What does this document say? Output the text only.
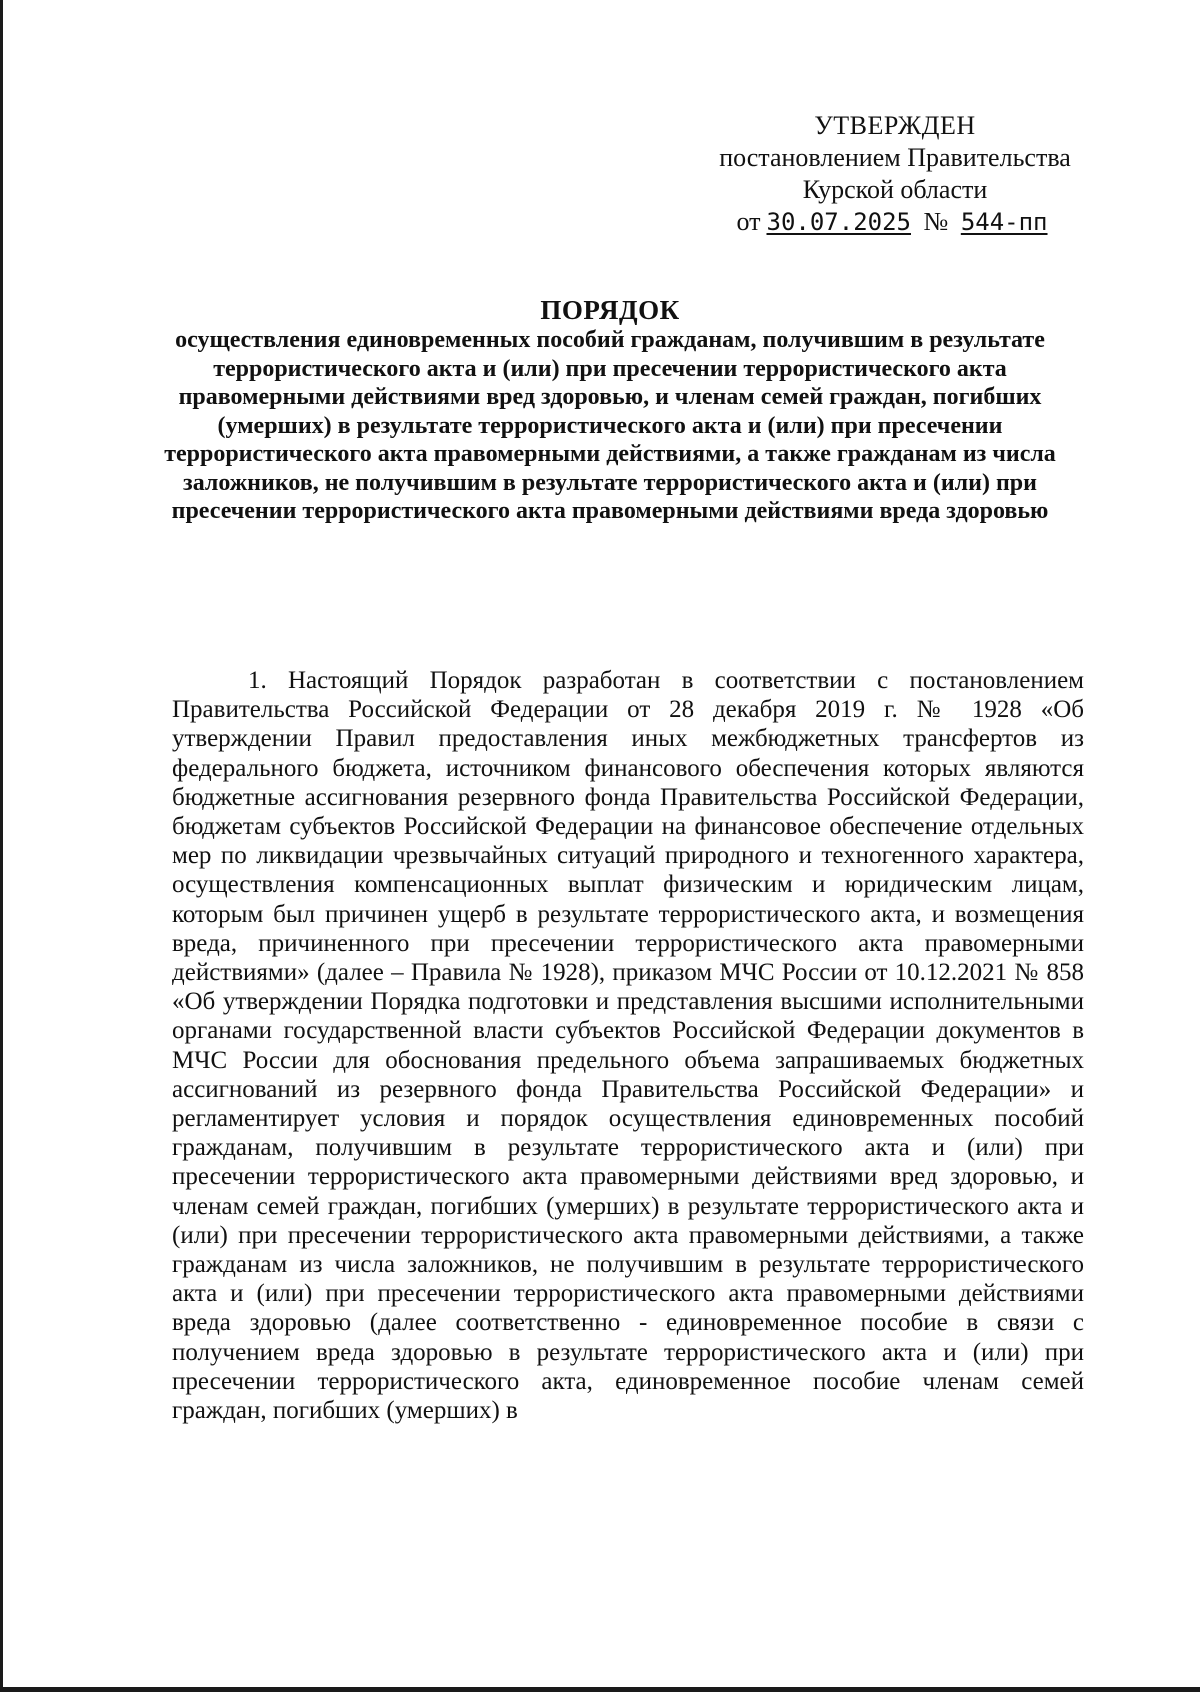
УТВЕРЖДЕН
постановлением Правительства
Курской области
от 30.07.2025 № 544-пп
ПОРЯДОК
осуществления единовременных пособий гражданам, получившим в результате террористического акта и (или) при пресечении террористического акта правомерными действиями вред здоровью, и членам семей граждан, погибших (умерших) в результате террористического акта и (или) при пресечении террористического акта правомерными действиями, а также гражданам из числа заложников, не получившим в результате террористического акта и (или) при пресечении террористического акта правомерными действиями вреда здоровью
1. Настоящий Порядок разработан в соответствии с постановлением Правительства Российской Федерации от 28 декабря 2019 г. № 1928 «Об утверждении Правил предоставления иных межбюджетных трансфертов из федерального бюджета, источником финансового обеспечения которых являются бюджетные ассигнования резервного фонда Правительства Российской Федерации, бюджетам субъектов Российской Федерации на финансовое обеспечение отдельных мер по ликвидации чрезвычайных ситуаций природного и техногенного характера, осуществления компенсационных выплат физическим и юридическим лицам, которым был причинен ущерб в результате террористического акта, и возмещения вреда, причиненного при пресечении террористического акта правомерными действиями» (далее – Правила № 1928), приказом МЧС России от 10.12.2021 № 858 «Об утверждении Порядка подготовки и представления высшими исполнительными органами государственной власти субъектов Российской Федерации документов в МЧС России для обоснования предельного объема запрашиваемых бюджетных ассигнований из резервного фонда Правительства Российской Федерации» и регламентирует условия и порядок осуществления единовременных пособий гражданам, получившим в результате террористического акта и (или) при пресечении террористического акта правомерными действиями вред здоровью, и членам семей граждан, погибших (умерших) в результате террористического акта и (или) при пресечении террористического акта правомерными действиями, а также гражданам из числа заложников, не получившим в результате террористического акта и (или) при пресечении террористического акта правомерными действиями вреда здоровью (далее соответственно - единовременное пособие в связи с получением вреда здоровью в результате террористического акта и (или) при пресечении террористического акта, единовременное пособие членам семей граждан, погибших (умерших) в
